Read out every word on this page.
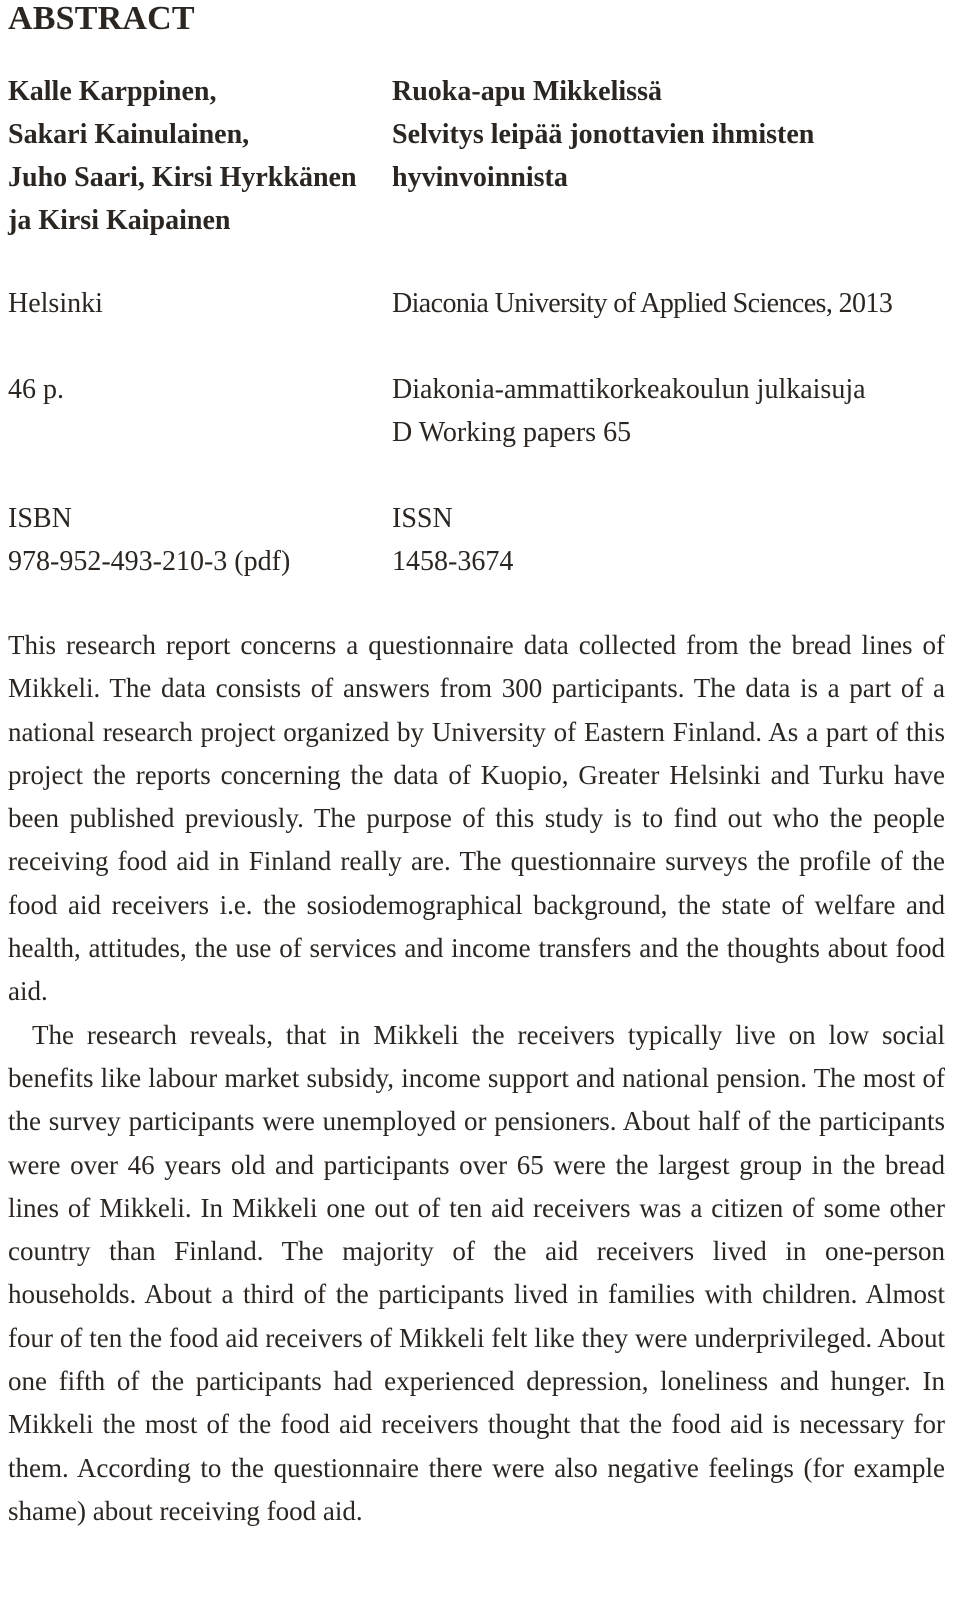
ABSTRACT
Kalle Karppinen,
Sakari Kainulainen,
Juho Saari, Kirsi Hyrkkänen
ja Kirsi Kaipainen
Ruoka-apu Mikkelissä
Selvitys leipää jonottavien ihmisten
hyvinvoinnista
Helsinki	Diaconia University of Applied Sciences, 2013
46 p.	Diakonia-ammattikorkeakoulun julkaisuja
D Working papers 65
ISBN
978-952-493-210-3 (pdf)
ISSN
1458-3674

This research report concerns a questionnaire data collected from the bread lines of Mikkeli. The data consists of answers from 300 participants. The data is a part of a national research project organized by University of Eastern Finland. As a part of this project the reports concerning the data of Kuopio, Greater Helsinki and Turku have been published previously. The purpose of this study is to find out who the people receiving food aid in Finland really are. The questionnaire surveys the profile of the food aid receivers i.e. the sosiodemographical background, the state of welfare and health, attitudes, the use of services and income transfers and the thoughts about food aid.

The research reveals, that in Mikkeli the receivers typically live on low social benefits like labour market subsidy, income support and national pension. The most of the survey participants were unemployed or pensioners. About half of the participants were over 46 years old and participants over 65 were the largest group in the bread lines of Mikkeli. In Mikkeli one out of ten aid receivers was a citizen of some other country than Finland. The majority of the aid receivers lived in one-person households. About a third of the participants lived in families with children. Almost four of ten the food aid receivers of Mikkeli felt like they were underprivileged. About one fifth of the participants had experienced depression, loneliness and hunger. In Mikkeli the most of the food aid receivers thought that the food aid is necessary for them. According to the questionnaire there were also negative feelings (for example shame) about receiving food aid.
